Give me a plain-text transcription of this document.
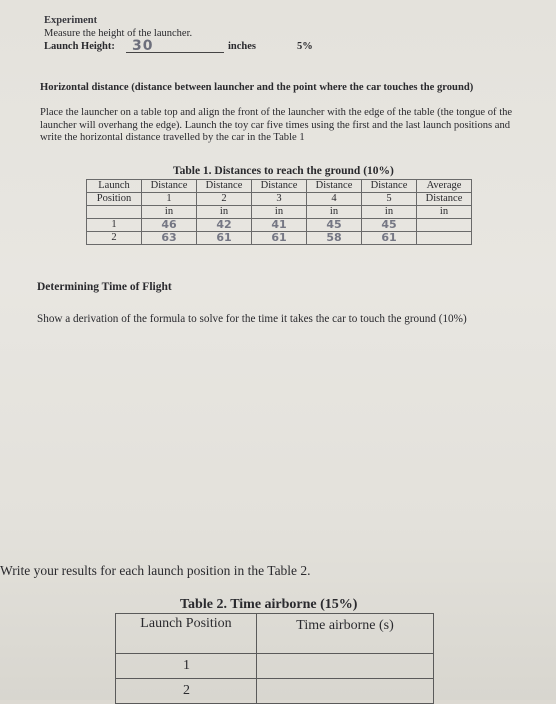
Experiment
Measure the height of the launcher.
Launch Height: 30	inches	5%
Horizontal distance (distance between launcher and the point where the car touches the ground)
Place the launcher on a table top and align the front of the launcher with the edge of the table (the tongue of the launcher will overhang the edge). Launch the toy car five times using the first and the last launch positions and write the horizontal distance travelled by the car in the Table 1
Table 1. Distances to reach the ground (10%)
Launch	Distance	Distance	Distance	Distance	Distance	Average
Position	1	2	3	4	5	Distance
	in	in	in	in	in	in
1	46	42	41	45	45	
2	63	61	61	58	61	
Determining Time of Flight
Show a derivation of the formula to solve for the time it takes the car to touch the ground (10%)
Write your results for each launch position in the Table 2.
Table 2. Time airborne (15%)
Launch Position	Time airborne (s)
1	
2	
